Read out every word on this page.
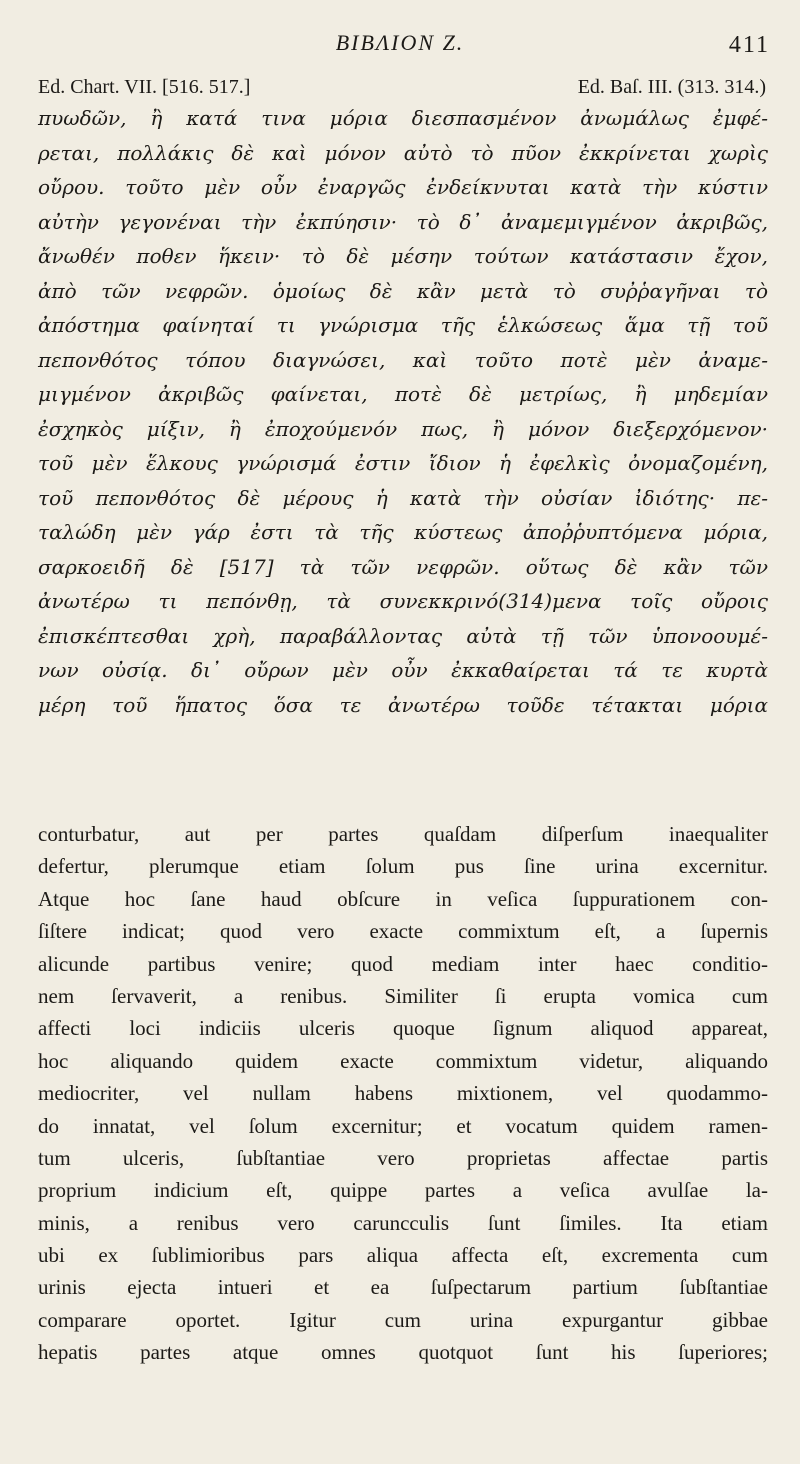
BIBΛION Z.	411
Ed. Chart. VII. [516. 517.]	Ed. Baſ. III. (313. 314.)
πυωδῶν, ἢ κατά τινα μόρια διεσπασμένον ἀνωμάλως ἐμφέ-
ρεται, πολλάκις δὲ καὶ μόνον αὐτὸ τὸ πῦον ἐκκρίνεται χωρὶς
οὔρου. τοῦτο μὲν οὖν ἐναργῶς ἐνδείκνυται κατὰ τὴν κύστιν
αὐτὴν γεγονέναι τὴν ἐκπύησιν· τὸ δ᾽ ἀναμεμιγμένον ἀκριβῶς,
ἄνωθέν ποθεν ἥκειν· τὸ δὲ μέσην τούτων κατάστασιν ἔχον,
ἀπὸ τῶν νεφρῶν. ὁμοίως δὲ κἂν μετὰ τὸ συῤῥαγῆναι τὸ
ἀπόστημα φαίνηταί τι γνώρισμα τῆς ἑλκώσεως ἅμα τῇ τοῦ
πεπονθότος τόπου διαγνώσει, καὶ τοῦτο ποτὲ μὲν ἀναμε-
μιγμένον ἀκριβῶς φαίνεται, ποτὲ δὲ μετρίως, ἢ μηδεμίαν
ἐσχηκὸς μίξιν, ἢ ἐποχούμενόν πως, ἢ μόνον διεξερχόμενον·
τοῦ μὲν ἕλκους γνώρισμά ἐστιν ἴδιον ἡ ἐφελκὶς ὀνομαζομένη,
τοῦ πεπονθότος δὲ μέρους ἡ κατὰ τὴν οὐσίαν ἰδιότης· πε-
ταλώδη μὲν γάρ ἐστι τὰ τῆς κύστεως ἀποῤῥυπτόμενα μόρια,
σαρκοειδῆ δὲ [517] τὰ τῶν νεφρῶν. οὕτως δὲ κἂν τῶν
ἀνωτέρω τι πεπόνθῃ, τὰ συνεκκρινό(314)μενα τοῖς οὔροις
ἐπισκέπτεσθαι χρὴ, παραβάλλοντας αὐτὰ τῇ τῶν ὑπονοουμέ-
νων οὐσίᾳ. δι᾽ οὔρων μὲν οὖν ἐκκαθαίρεται τά τε κυρτὰ
μέρη τοῦ ἥπατος ὅσα τε ἀνωτέρω τοῦδε τέτακται μόρια
conturbatur, aut per partes quaſdam diſperſum inaequaliter
defertur, plerumque etiam ſolum pus ſine urina excernitur.
Atque hoc ſane haud obſcure in veſica ſuppurationem con-
ſiſtere indicat; quod vero exacte commixtum eſt, a ſupernis
alicunde partibus venire; quod mediam inter haec conditio-
nem ſervaverit, a renibus. Similiter ſi erupta vomica cum
affecti loci indiciis ulceris quoque ſignum aliquod appareat,
hoc aliquando quidem exacte commixtum videtur, aliquando
mediocriter, vel nullam habens mixtionem, vel quodammo-
do innatat, vel ſolum excernitur; et vocatum quidem ramen-
tum ulceris, ſubſtantiae vero proprietas affectae partis
proprium indicium eſt, quippe partes a veſica avulſae la-
minis, a renibus vero caruncculis ſunt ſimiles. Ita etiam
ubi ex ſublimioribus pars aliqua affecta eſt, excrementa cum
urinis ejecta intueri et ea ſuſpectarum partium ſubſtantiae
comparare oportet. Igitur cum urina expurgantur gibbae
hepatis partes atque omnes quotquot ſunt his ſuperiores;
